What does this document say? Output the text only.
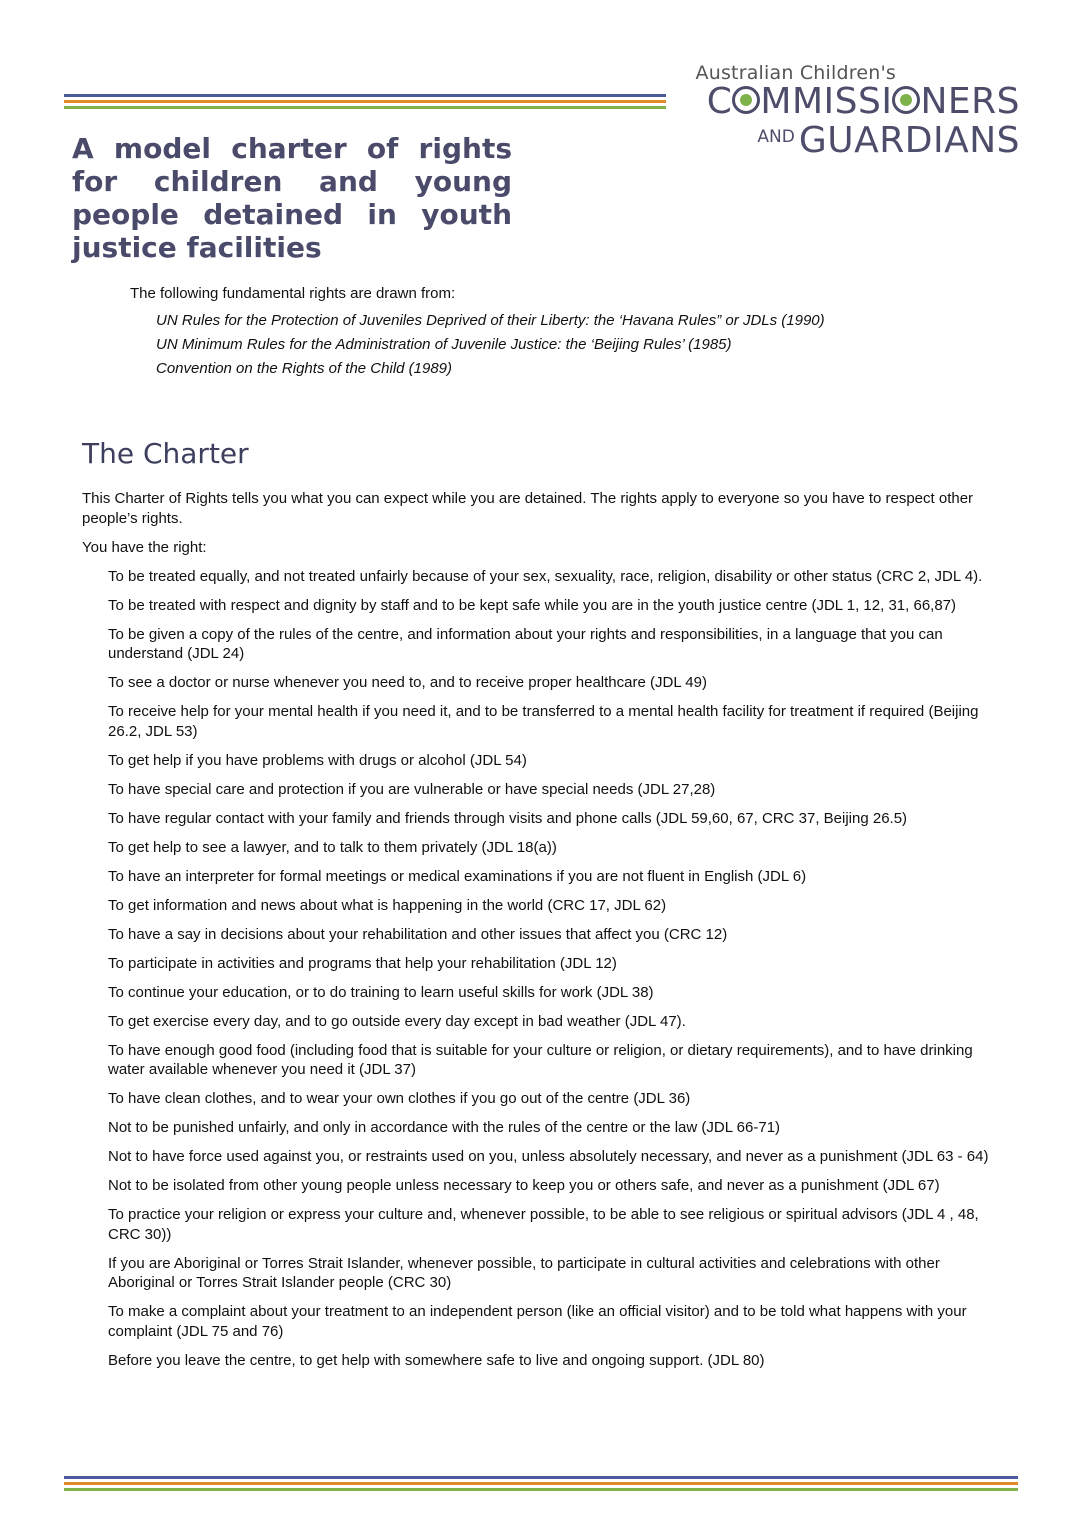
Australian Children's
C MMISSI NERS
$^{AND}$ GUARDIANS
A model charter of rights for children and young people detained in youth justice facilities

The following fundamental rights are drawn from:

UN Rules for the Protection of Juveniles Deprived of their Liberty: the ‘Havana Rules” or JDLs (1990)
UN Minimum Rules for the Administration of Juvenile Justice: the ‘Beijing Rules’ (1985)
Convention on the Rights of the Child (1989)
The Charter

This Charter of Rights tells you what you can expect while you are detained. The rights apply to everyone so you have to respect other people’s rights.

You have the right:

To be treated equally, and not treated unfairly because of your sex, sexuality, race, religion, disability or other status (CRC 2, JDL 4).
To be treated with respect and dignity by staff and to be kept safe while you are in the youth justice centre (JDL 1, 12, 31, 66,87)
To be given a copy of the rules of the centre, and information about your rights and responsibilities, in a language that you can understand (JDL 24)
To see a doctor or nurse whenever you need to, and to receive proper healthcare (JDL 49)
To receive help for your mental health if you need it, and to be transferred to a mental health facility for treatment if required (Beijing 26.2, JDL 53)
To get help if you have problems with drugs or alcohol (JDL 54)
To have special care and protection if you are vulnerable or have special needs (JDL 27,28)
To have regular contact with your family and friends through visits and phone calls (JDL 59,60, 67, CRC 37, Beijing 26.5)
To get help to see a lawyer, and to talk to them privately (JDL 18(a))
To have an interpreter for formal meetings or medical examinations if you are not fluent in English (JDL 6)
To get information and news about what is happening in the world (CRC 17, JDL 62)
To have a say in decisions about your rehabilitation and other issues that affect you (CRC 12)
To participate in activities and programs that help your rehabilitation (JDL 12)
To continue your education, or to do training to learn useful skills for work (JDL 38)
To get exercise every day, and to go outside every day except in bad weather (JDL 47).
To have enough good food (including food that is suitable for your culture or religion, or dietary requirements), and to have drinking water available whenever you need it (JDL 37)
To have clean clothes, and to wear your own clothes if you go out of the centre (JDL 36)
Not to be punished unfairly, and only in accordance with the rules of the centre or the law (JDL 66-71)
Not to have force used against you, or restraints used on you, unless absolutely necessary, and never as a punishment (JDL 63 - 64)
Not to be isolated from other young people unless necessary to keep you or others safe, and never as a punishment (JDL 67)
To practice your religion or express your culture and, whenever possible, to be able to see religious or spiritual advisors (JDL 4 , 48, CRC 30))
If you are Aboriginal or Torres Strait Islander, whenever possible, to participate in cultural activities and celebrations with other Aboriginal or Torres Strait Islander people (CRC 30)
To make a complaint about your treatment to an independent person (like an official visitor) and to be told what happens with your complaint (JDL 75 and 76)
Before you leave the centre, to get help with somewhere safe to live and ongoing support. (JDL 80)
